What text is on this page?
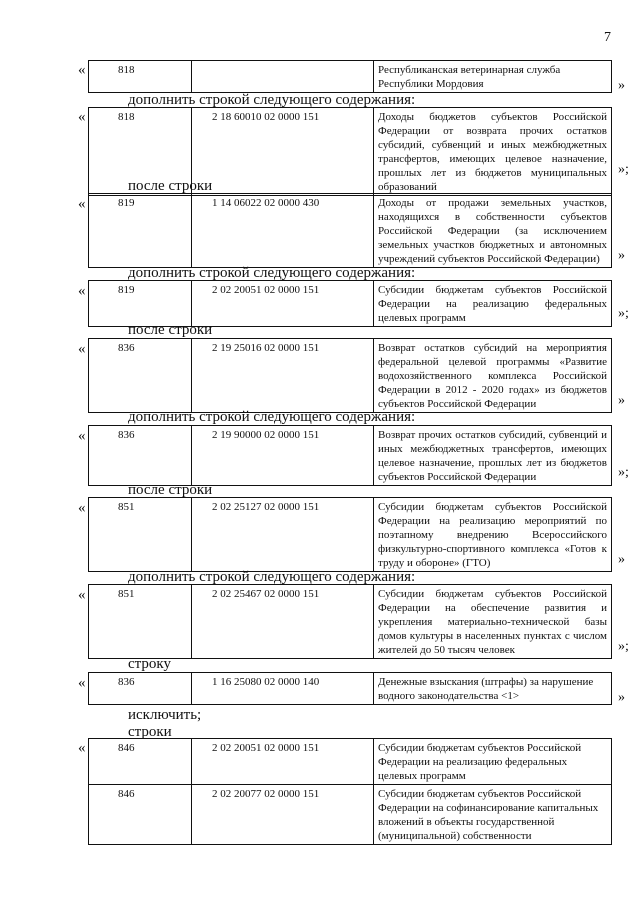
7
«	818		Республиканская ветеринарная служба Республики Мордовия	»
дополнить строкой следующего содержания:
«	818	2 18 60010 02 0000 151	Доходы бюджетов субъектов Российской Федерации от возврата прочих остатков субсидий, субвенций и иных межбюджетных трансфертов, имеющих целевое назначение, прошлых лет из бюджетов муниципальных образований
»;
после строки
«	819	1 14 06022 02 0000 430	Доходы от продажи земельных участков, находящихся в собственности субъектов Российской Федерации (за исключением земельных участков бюджетных и автономных учреждений субъектов Российской Федерации) »
дополнить строкой следующего содержания:
«	819	2 02 20051 02 0000 151	Субсидии бюджетам субъектов Российской Федерации на реализацию федеральных целевых программ	»;
после строки
«	836	2 19 25016 02 0000 151	Возврат остатков субсидий на мероприятия федеральной целевой программы «Развитие водохозяйственного комплекса Российской Федерации в 2012 - 2020 годах» из бюджетов субъектов Российской Федерации	»
дополнить строкой следующего содержания:
«	836	2 19 90000 02 0000 151	Возврат прочих остатков субсидий, субвенций и иных межбюджетных трансфертов, имеющих целевое назначение, прошлых лет из бюджетов субъектов Российской Федерации	»;
после строки
«	851	2 02 25127 02 0000 151	Субсидии бюджетам субъектов Российской Федерации на реализацию мероприятий по поэтапному внедрению Всероссийского физкультурно-спортивного комплекса «Готов к труду и обороне» (ГТО)	»
дополнить строкой следующего содержания:
«	851	2 02 25467 02 0000 151	Субсидии бюджетам субъектов Российской Федерации на обеспечение развития и укрепления материально-технической базы домов культуры в населенных пунктах с числом жителей до 50 тысяч человек	»;
строку
«	836	1 16 25080 02 0000 140	Денежные взыскания (штрафы) за нарушение водного законодательства <1>	»
исключить;
строки
«	846	2 02 20051 02 0000 151	Субсидии бюджетам субъектов Российской Федерации на реализацию федеральных целевых программ
846	2 02 20077 02 0000 151	Субсидии бюджетам субъектов Российской Федерации на софинансирование капитальных вложений в объекты государственной (муниципальной) собственности
